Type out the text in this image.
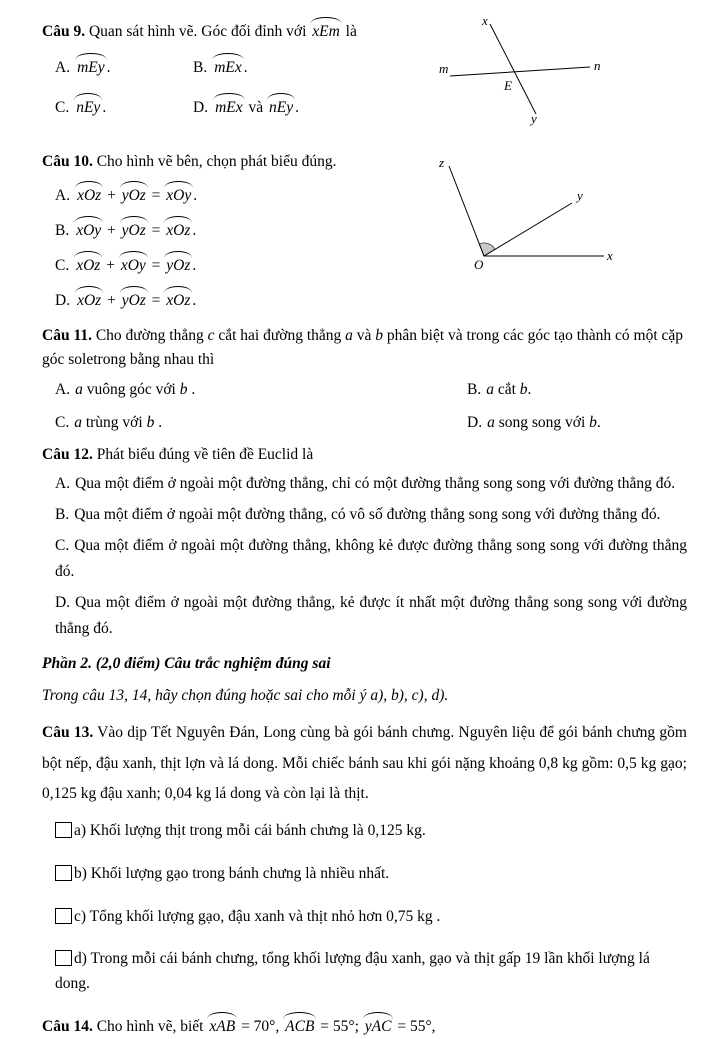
Câu 9. Quan sát hình vẽ. Góc đối đỉnh với xEm là

A. mEy .	B. mEx .
C. nEy .	D. mEx và nEy .
x
m	n
E
y

Câu 10. Cho hình vẽ bên, chọn phát biểu đúng.

A. xOz + yOz = xOy .
B. xOy + yOz = xOz .
C. xOz + xOy = yOz .
D. xOz + yOz = xOz .
x
y
z
O

Câu 11. Cho đường thẳng c cắt hai đường thẳng a và b phân biệt và trong các góc tạo thành có một cặp góc soletrong bằng nhau thì

A. a vuông góc với b .	B. a cắt b.
C. a trùng với b .	D. a song song với b.

Câu 12. Phát biểu đúng về tiên đề Euclid là

A. Qua một điểm ở ngoài một đường thẳng, chỉ có một đường thẳng song song với đường thẳng đó.
B. Qua một điểm ở ngoài một đường thẳng, có vô số đường thẳng song song với đường thẳng đó.
C. Qua một điểm ở ngoài một đường thẳng, không kẻ được đường thẳng song song với đường thẳng đó.
D. Qua một điểm ở ngoài một đường thẳng, kẻ được ít nhất một đường thẳng song song với đường thẳng đó.

Phần 2. (2,0 điểm) Câu trắc nghiệm đúng sai

Trong câu 13, 14, hãy chọn đúng hoặc sai cho mỗi ý a), b), c), d).

Câu 13. Vào dịp Tết Nguyên Đán, Long cùng bà gói bánh chưng. Nguyên liệu để gói bánh chưng gồm bột nếp, đậu xanh, thịt lợn và lá dong. Mỗi chiếc bánh sau khi gói nặng khoảng 0,8 kg gồm: 0,5 kg gạo; 0,125 kg đậu xanh; 0,04 kg lá dong và còn lại là thịt.

a) Khối lượng thịt trong mỗi cái bánh chưng là 0,125 kg.
b) Khối lượng gạo trong bánh chưng là nhiều nhất.
c) Tổng khối lượng gạo, đậu xanh và thịt nhỏ hơn 0,75 kg .
d) Trong mỗi cái bánh chưng, tổng khối lượng đậu xanh, gạo và thịt gấp 19 lần khối lượng lá dong.

Câu 14. Cho hình vẽ, biết xAB = 70°, ACB = 55°; yAC = 55°,
